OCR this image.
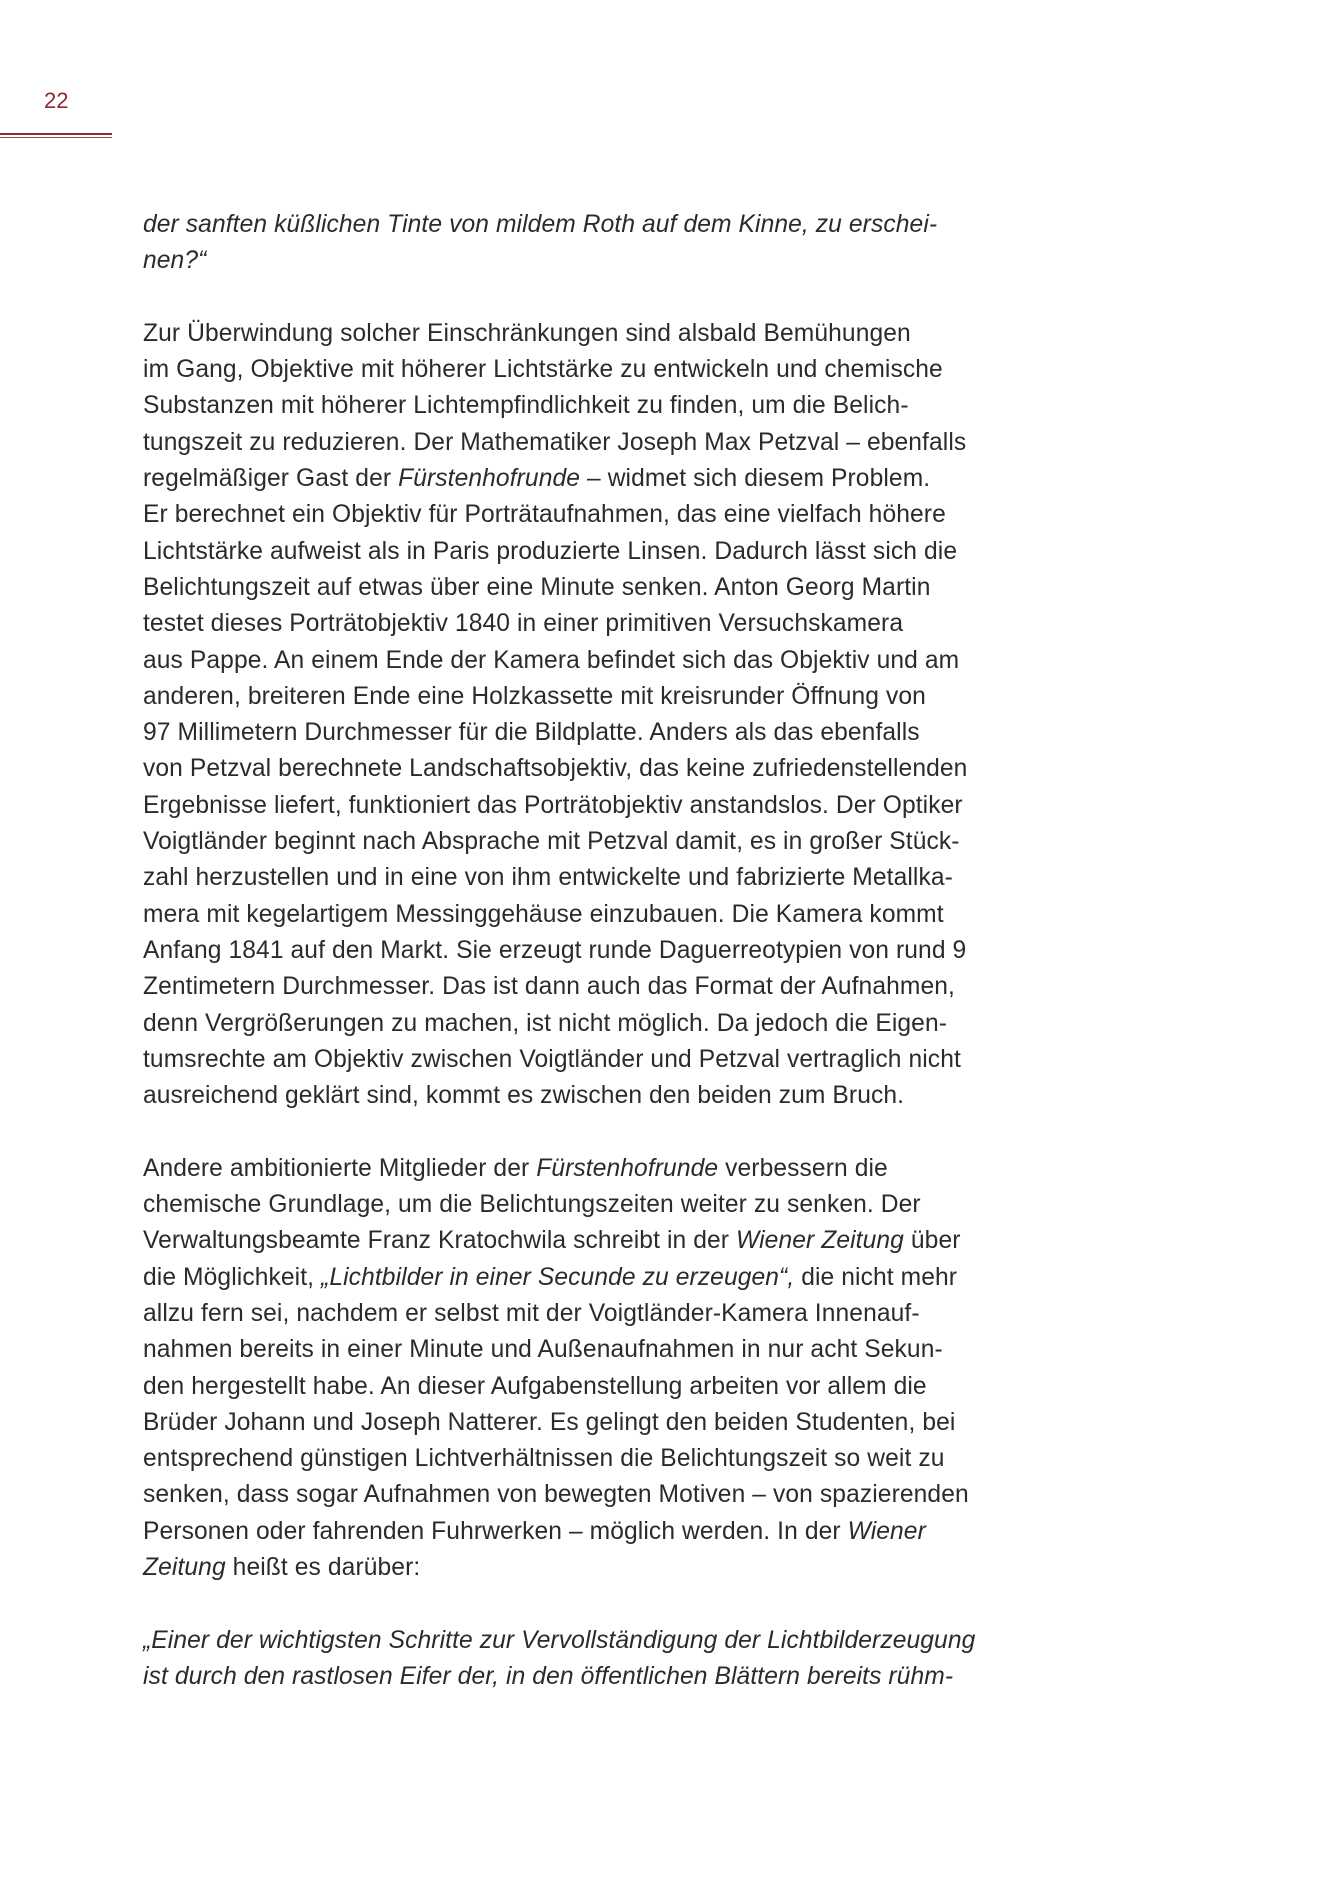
22

der sanften küßlichen Tinte von mildem Roth auf dem Kinne, zu erschei-
nen?“

Zur Überwindung solcher Einschränkungen sind alsbald Bemühungen
im Gang, Objektive mit höherer Lichtstärke zu entwickeln und chemische
Substanzen mit höherer Lichtempfindlichkeit zu finden, um die Belich-
tungszeit zu reduzieren. Der Mathematiker Joseph Max Petzval – ebenfalls
regelmäßiger Gast der Fürstenhofrunde – widmet sich diesem Problem.
Er berechnet ein Objektiv für Porträtaufnahmen, das eine vielfach höhere
Lichtstärke aufweist als in Paris produzierte Linsen. Dadurch lässt sich die
Belichtungszeit auf etwas über eine Minute senken. Anton Georg Martin
testet dieses Porträtobjektiv 1840 in einer primitiven Versuchskamera
aus Pappe. An einem Ende der Kamera befindet sich das Objektiv und am
anderen, breiteren Ende eine Holzkassette mit kreisrunder Öffnung von
97 Millimetern Durchmesser für die Bildplatte. Anders als das ebenfalls
von Petzval berechnete Landschaftsobjektiv, das keine zufriedenstellenden
Ergebnisse liefert, funktioniert das Porträtobjektiv anstandslos. Der Optiker
Voigtländer beginnt nach Absprache mit Petzval damit, es in großer Stück-
zahl herzustellen und in eine von ihm entwickelte und fabrizierte Metallka-
mera mit kegelartigem Messinggehäuse einzubauen. Die Kamera kommt
Anfang 1841 auf den Markt. Sie erzeugt runde Daguerreotypien von rund 9
Zentimetern Durchmesser. Das ist dann auch das Format der Aufnahmen,
denn Vergrößerungen zu machen, ist nicht möglich. Da jedoch die Eigen-
tumsrechte am Objektiv zwischen Voigtländer und Petzval vertraglich nicht
ausreichend geklärt sind, kommt es zwischen den beiden zum Bruch.

Andere ambitionierte Mitglieder der Fürstenhofrunde verbessern die
chemische Grundlage, um die Belichtungszeiten weiter zu senken. Der
Verwaltungsbeamte Franz Kratochwila schreibt in der Wiener Zeitung über
die Möglichkeit, „Lichtbilder in einer Secunde zu erzeugen“, die nicht mehr
allzu fern sei, nachdem er selbst mit der Voigtländer-Kamera Innenauf-
nahmen bereits in einer Minute und Außenaufnahmen in nur acht Sekun-
den hergestellt habe. An dieser Aufgabenstellung arbeiten vor allem die
Brüder Johann und Joseph Natterer. Es gelingt den beiden Studenten, bei
entsprechend günstigen Lichtverhältnissen die Belichtungszeit so weit zu
senken, dass sogar Aufnahmen von bewegten Motiven – von spazierenden
Personen oder fahrenden Fuhrwerken – möglich werden. In der Wiener
Zeitung heißt es darüber:

„Einer der wichtigsten Schritte zur Vervollständigung der Lichtbilderzeugung
ist durch den rastlosen Eifer der, in den öffentlichen Blättern bereits rühm-
